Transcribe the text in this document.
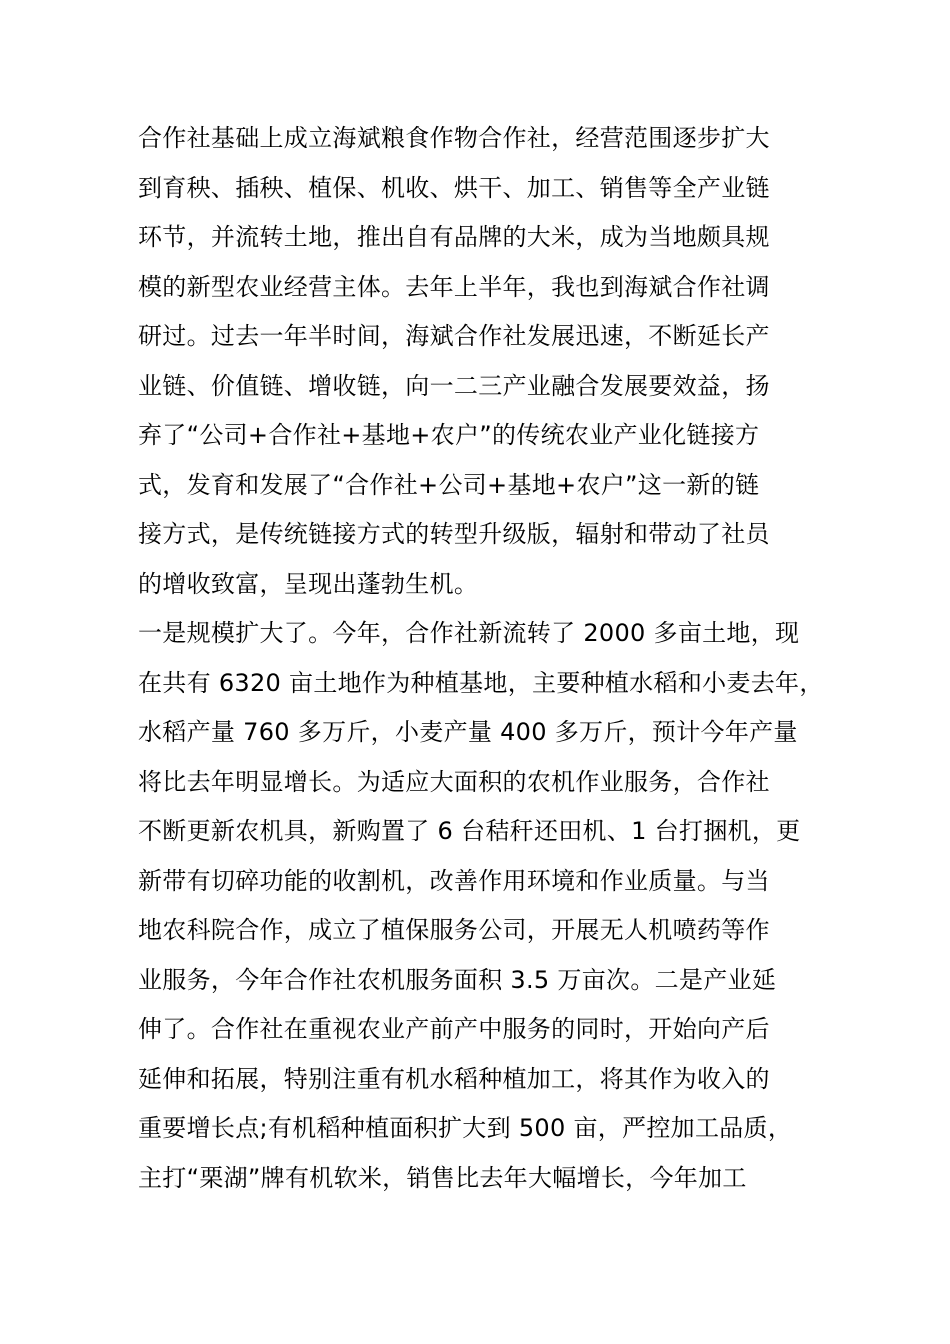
合作社基础上成立海斌粮食作物合作社，经营范围逐步扩大
到育秧、插秧、植保、机收、烘干、加工、销售等全产业链
环节，并流转土地，推出自有品牌的大米，成为当地颇具规
模的新型农业经营主体。去年上半年，我也到海斌合作社调
研过。过去一年半时间，海斌合作社发展迅速，不断延长产
业链、价值链、增收链，向一二三产业融合发展要效益，扬
弃了“公司+合作社+基地+农户”的传统农业产业化链接方
式，发育和发展了“合作社+公司+基地+农户”这一新的链
接方式，是传统链接方式的转型升级版，辐射和带动了社员
的增收致富，呈现出蓬勃生机。
一是规模扩大了。今年，合作社新流转了 2000 多亩土地，现
在共有 6320 亩土地作为种植基地，主要种植水稻和小麦去年，
水稻产量 760 多万斤，小麦产量 400 多万斤，预计今年产量
将比去年明显增长。为适应大面积的农机作业服务，合作社
不断更新农机具，新购置了 6 台秸秆还田机、1 台打捆机，更
新带有切碎功能的收割机，改善作用环境和作业质量。与当
地农科院合作，成立了植保服务公司，开展无人机喷药等作
业服务，今年合作社农机服务面积 3.5 万亩次。二是产业延
伸了。合作社在重视农业产前产中服务的同时，开始向产后
延伸和拓展，特别注重有机水稻种植加工，将其作为收入的
重要增长点;有机稻种植面积扩大到 500 亩，严控加工品质，
主打“栗湖”牌有机软米，销售比去年大幅增长，今年加工
